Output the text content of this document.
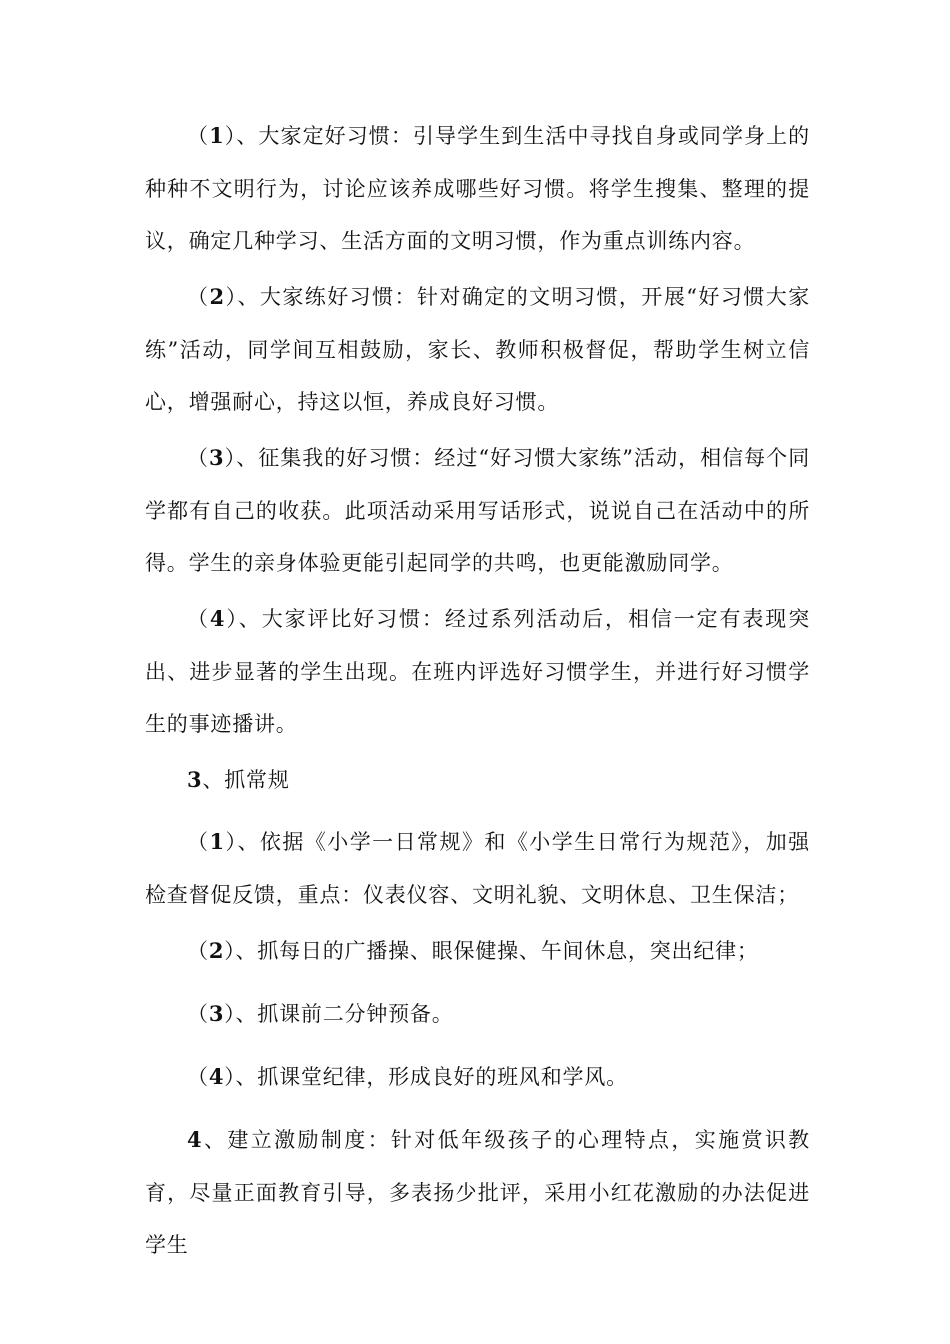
（1）、大家定好习惯：引导学生到生活中寻找自身或同学身上的种种不文明行为，讨论应该养成哪些好习惯。将学生搜集、整理的提议，确定几种学习、生活方面的文明习惯，作为重点训练内容。

（2）、大家练好习惯：针对确定的文明习惯，开展“好习惯大家练”活动，同学间互相鼓励，家长、教师积极督促，帮助学生树立信心，增强耐心，持这以恒，养成良好习惯。

（3）、征集我的好习惯：经过“好习惯大家练”活动，相信每个同学都有自己的收获。此项活动采用写话形式，说说自己在活动中的所得。学生的亲身体验更能引起同学的共鸣，也更能激励同学。

（4）、大家评比好习惯：经过系列活动后，相信一定有表现突出、进步显著的学生出现。在班内评选好习惯学生，并进行好习惯学生的事迹播讲。

3、抓常规

（1）、依据《小学一日常规》和《小学生日常行为规范》，加强检查督促反馈，重点：仪表仪容、文明礼貌、文明休息、卫生保洁；

（2）、抓每日的广播操、眼保健操、午间休息，突出纪律；

（3）、抓课前二分钟预备。

（4）、抓课堂纪律，形成良好的班风和学风。

4、建立激励制度：针对低年级孩子的心理特点，实施赏识教育，尽量正面教育引导，多表扬少批评，采用小红花激励的办法促进学生
